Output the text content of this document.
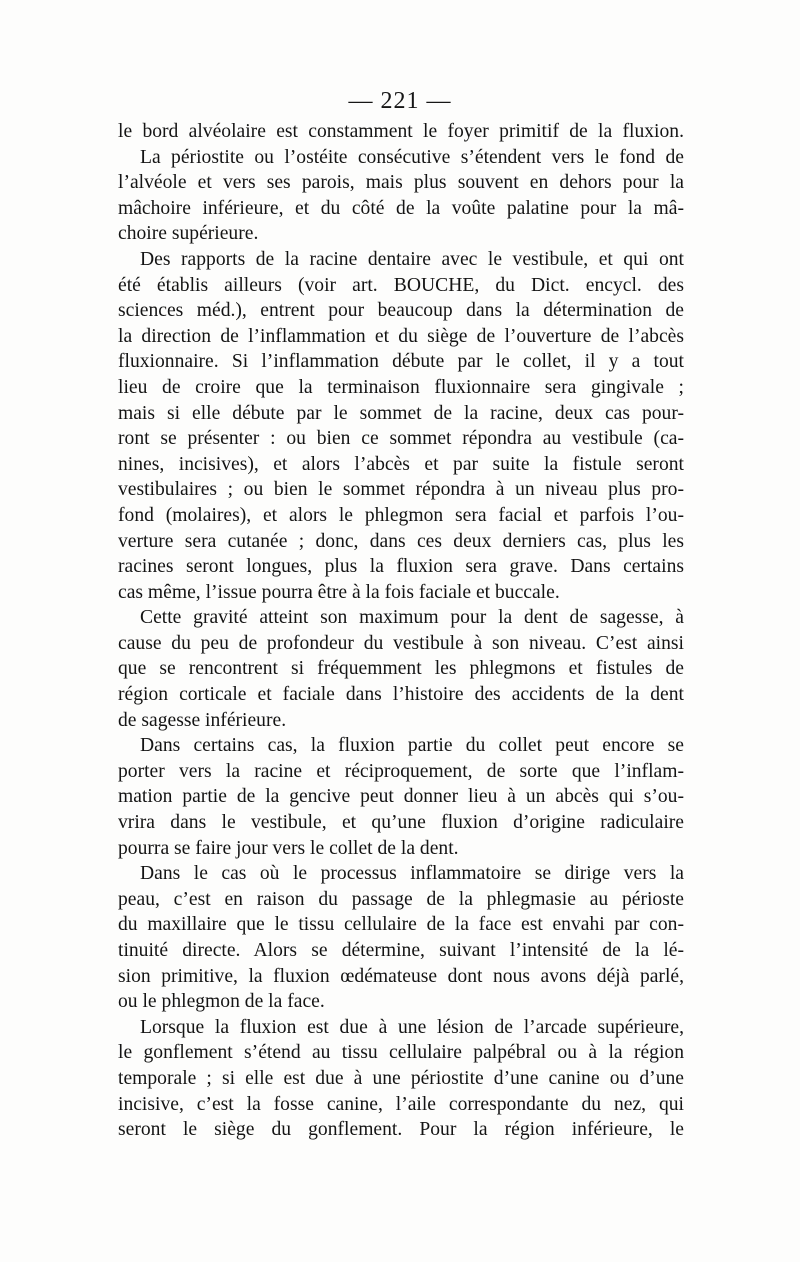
— 221 —
le bord alvéolaire est constamment le foyer primitif de la fluxion.
La périostite ou l’ostéite consécutive s’étendent vers le fond de
l’alvéole et vers ses parois, mais plus souvent en dehors pour la
mâchoire inférieure, et du côté de la voûte palatine pour la mâ-
choire supérieure.
Des rapports de la racine dentaire avec le vestibule, et qui ont
été établis ailleurs (voir art. BOUCHE, du Dict. encycl. des
sciences méd.), entrent pour beaucoup dans la détermination de
la direction de l’inflammation et du siège de l’ouverture de l’abcès
fluxionnaire. Si l’inflammation débute par le collet, il y a tout
lieu de croire que la terminaison fluxionnaire sera gingivale ;
mais si elle débute par le sommet de la racine, deux cas pour-
ront se présenter : ou bien ce sommet répondra au vestibule (ca-
nines, incisives), et alors l’abcès et par suite la fistule seront
vestibulaires ; ou bien le sommet répondra à un niveau plus pro-
fond (molaires), et alors le phlegmon sera facial et parfois l’ou-
verture sera cutanée ; donc, dans ces deux derniers cas, plus les
racines seront longues, plus la fluxion sera grave. Dans certains
cas même, l’issue pourra être à la fois faciale et buccale.
Cette gravité atteint son maximum pour la dent de sagesse, à
cause du peu de profondeur du vestibule à son niveau. C’est ainsi
que se rencontrent si fréquemment les phlegmons et fistules de
région corticale et faciale dans l’histoire des accidents de la dent
de sagesse inférieure.
Dans certains cas, la fluxion partie du collet peut encore se
porter vers la racine et réciproquement, de sorte que l’inflam-
mation partie de la gencive peut donner lieu à un abcès qui s’ou-
vrira dans le vestibule, et qu’une fluxion d’origine radiculaire
pourra se faire jour vers le collet de la dent.
Dans le cas où le processus inflammatoire se dirige vers la
peau, c’est en raison du passage de la phlegmasie au périoste
du maxillaire que le tissu cellulaire de la face est envahi par con-
tinuité directe. Alors se détermine, suivant l’intensité de la lé-
sion primitive, la fluxion œdémateuse dont nous avons déjà parlé,
ou le phlegmon de la face.
Lorsque la fluxion est due à une lésion de l’arcade supérieure,
le gonflement s’étend au tissu cellulaire palpébral ou à la région
temporale ; si elle est due à une périostite d’une canine ou d’une
incisive, c’est la fosse canine, l’aile correspondante du nez, qui
seront le siège du gonflement. Pour la région inférieure, le
